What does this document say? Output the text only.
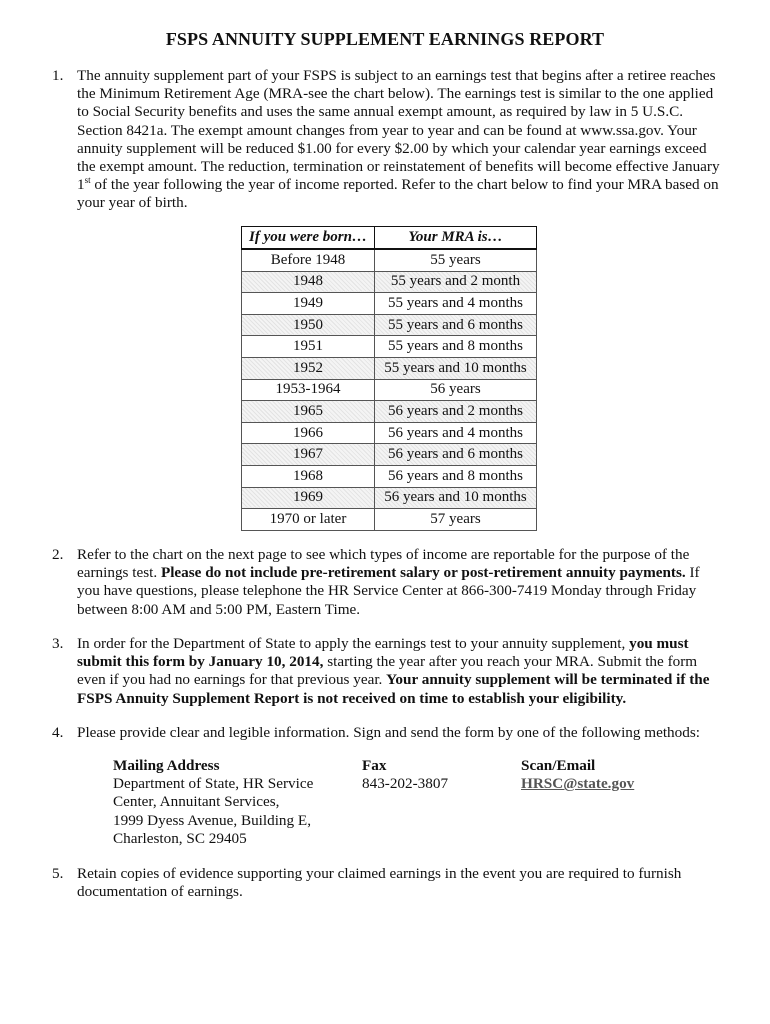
FSPS ANNUITY SUPPLEMENT EARNINGS REPORT
1. The annuity supplement part of your FSPS is subject to an earnings test that begins after a retiree reaches the Minimum Retirement Age (MRA-see the chart below). The earnings test is similar to the one applied to Social Security benefits and uses the same annual exempt amount, as required by law in 5 U.S.C. Section 8421a. The exempt amount changes from year to year and can be found at www.ssa.gov. Your annuity supplement will be reduced $1.00 for every $2.00 by which your calendar year earnings exceed the exempt amount. The reduction, termination or reinstatement of benefits will become effective January 1st of the year following the year of income reported. Refer to the chart below to find your MRA based on your year of birth.
If you were born…	Your MRA is…
Before 1948	55 years
1948	55 years and 2 month
1949	55 years and 4 months
1950	55 years and 6 months
1951	55 years and 8 months
1952	55 years and 10 months
1953-1964	56 years
1965	56 years and 2 months
1966	56 years and 4 months
1967	56 years and 6 months
1968	56 years and 8 months
1969	56 years and 10 months
1970 or later	57 years
2. Refer to the chart on the next page to see which types of income are reportable for the purpose of the earnings test. Please do not include pre-retirement salary or post-retirement annuity payments. If you have questions, please telephone the HR Service Center at 866-300-7419 Monday through Friday between 8:00 AM and 5:00 PM, Eastern Time.
3. In order for the Department of State to apply the earnings test to your annuity supplement, you must submit this form by January 10, 2014, starting the year after you reach your MRA. Submit the form even if you had no earnings for that previous year. Your annuity supplement will be terminated if the FSPS Annuity Supplement Report is not received on time to establish your eligibility.
4. Please provide clear and legible information. Sign and send the form by one of the following methods:
Mailing Address
Department of State, HR Service
Center, Annuitant Services,
1999 Dyess Avenue, Building E,
Charleston, SC 29405
Fax
843-202-3807
Scan/Email
HRSC@state.gov
5. Retain copies of evidence supporting your claimed earnings in the event you are required to furnish documentation of earnings.
